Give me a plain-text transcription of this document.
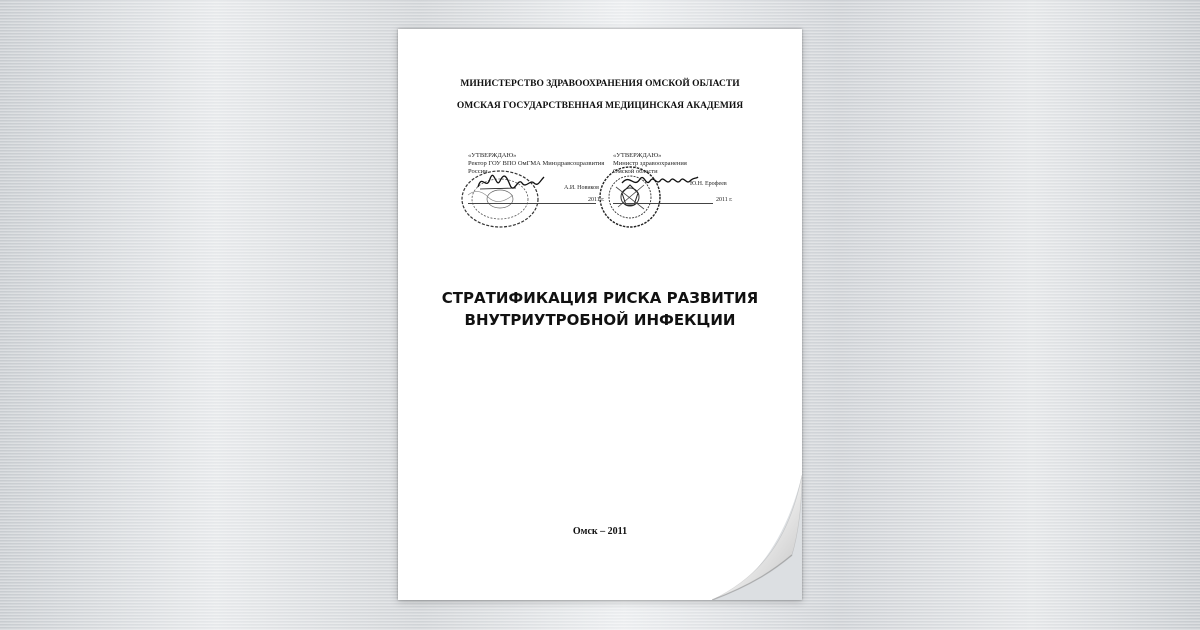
МИНИСТЕРСТВО ЗДРАВООХРАНЕНИЯ ОМСКОЙ ОБЛАСТИ
ОМСКАЯ ГОСУДАРСТВЕННАЯ МЕДИЦИНСКАЯ АКАДЕМИЯ
«УТВЕРЖДАЮ»
Ректор ГОУ ВПО ОмГМА Минздравсоцразвития
России
«УТВЕРЖДАЮ»
Министр здравоохранения
Омской области
А.И. Новиков
Ю.Н. Ерофеев
2011 г.	2011 г.
СТРАТИФИКАЦИЯ РИСКА РАЗВИТИЯ
ВНУТРИУТРОБНОЙ ИНФЕКЦИИ
Омск – 2011
